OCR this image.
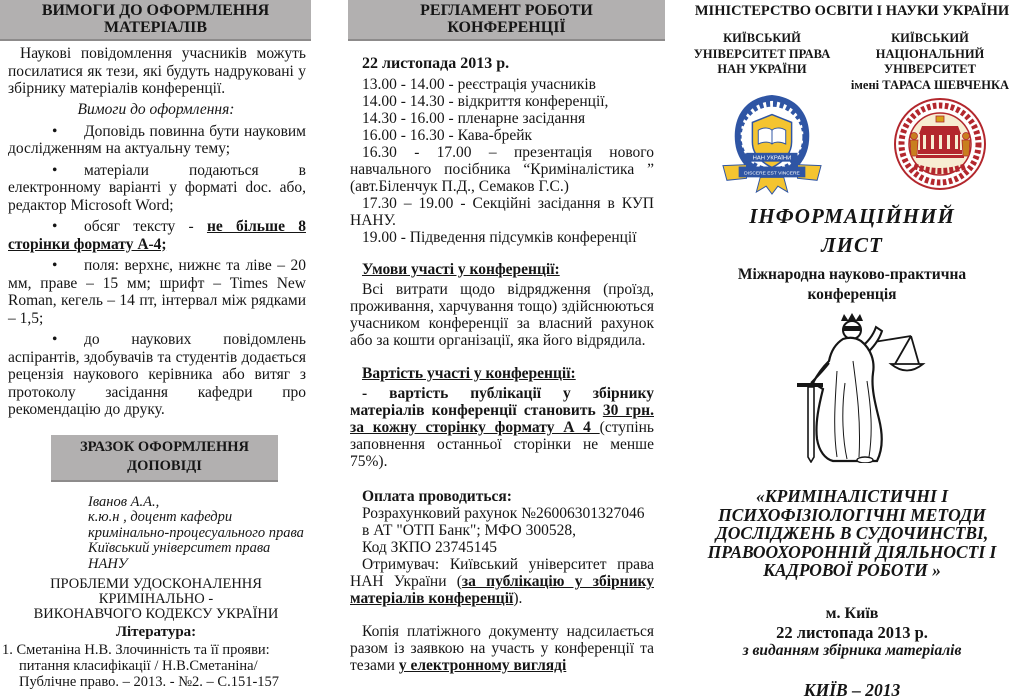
ВИМОГИ ДО ОФОРМЛЕННЯ
МАТЕРІАЛІВ

Наукові повідомлення учасників можуть посилатися як тези, які будуть надруковані у збірнику матеріалів конференції.

Вимоги до оформлення:

• Доповідь повинна бути науковим дослідженням на актуальну тему;

• матеріали подаються в електронному варіанті у форматі doc. або, редактор Microsoft Word;

• обсяг тексту - не більше 8 сторінки формату А-4;

• поля: верхнє, нижнє та ліве – 20 мм, праве – 15 мм; шрифт – Times New Roman, кегель – 14 пт, інтервал між рядками – 1,5;

• до наукових повідомлень аспірантів, здобувачів та студентів додається рецензія наукового керівника або витяг з протоколу засідання кафедри про рекомендацію до друку.

ЗРАЗОК ОФОРМЛЕННЯ
ДОПОВІДІ
Іванов А.А.,
к.ю.н , доцент кафедри
кримінально-процесуального права
Київський університет права НАНУ
ПРОБЛЕМИ УДОСКОНАЛЕННЯ КРИМІНАЛЬНО -
ВИКОНАВЧОГО КОДЕКСУ УКРАЇНИ

Література:

1. Сметаніна Н.В. Злочинність та її прояви: питання класифікації / Н.В.Сметаніна/ Публічне право. – 2013. - №2. – С.151-157

РЕГЛАМЕНТ РОБОТИ
КОНФЕРЕНЦІЇ

22 листопада 2013 р.

13.00 - 14.00 - реєстрація учасників

14.00 - 14.30 - відкриття конференції,

14.30 - 16.00 - пленарне засідання

16.00 - 16.30 - Кава-брейк

16.30 - 17.00 – презентація нового навчального посібника “Криміналістика ” (авт.Біленчук П.Д., Семаков Г.С.)

17.30 – 19.00 - Секційні засідання в КУП НАНУ.

19.00 - Підведення підсумків конференції

Умови участі у конференції:

Всі витрати щодо відрядження (проїзд, проживання, харчування тощо) здійснюються учасником конференції за власний рахунок або за кошти організації, яка його відрядила.

Вартість участі у конференції:

- вартість публікації у збірнику матеріалів конференції становить 30 грн. за кожну сторінку формату А 4 (ступінь заповнення останньої сторінки не менше 75%).

Оплата проводиться:

Розрахунковий рахунок №26006301327046

в АТ "ОТП Банк"; МФО 300528,

Код ЗКПО 23745145

Отримувач: Київський університет права НАН України (за публікацію у збірнику матеріалів конференції).

Копія платіжного документу надсилається разом із заявкою на участь у конференції та тезами у електронному вигляді

МІНІСТЕРСТВО ОСВІТИ І НАУКИ УКРАЇНИ
КИЇВСЬКИЙ
УНІВЕРСИТЕТ ПРАВА
НАН УКРАЇНИ
КИЇВСЬКИЙ НАЦІОНАЛЬНИЙ
УНІВЕРСИТЕТ
імені ТАРАСА ШЕВЧЕНКА
НАН УКРАЇНИ
DISCERE EST VINCERE
ІНФОРМАЦІЙНИЙ
ЛИСТ
Міжнародна науково-практична
конференція
«КРИМІНАЛІСТИЧНІ І
ПСИХОФІЗІОЛОГІЧНІ МЕТОДИ
ДОСЛІДЖЕНЬ В СУДОЧИНСТВІ,
ПРАВООХОРОННІЙ ДІЯЛЬНОСТІ І
КАДРОВОЇ РОБОТИ »
м. Київ
22 листопада 2013 р.
з виданням збірника матеріалів
КИЇВ – 2013
